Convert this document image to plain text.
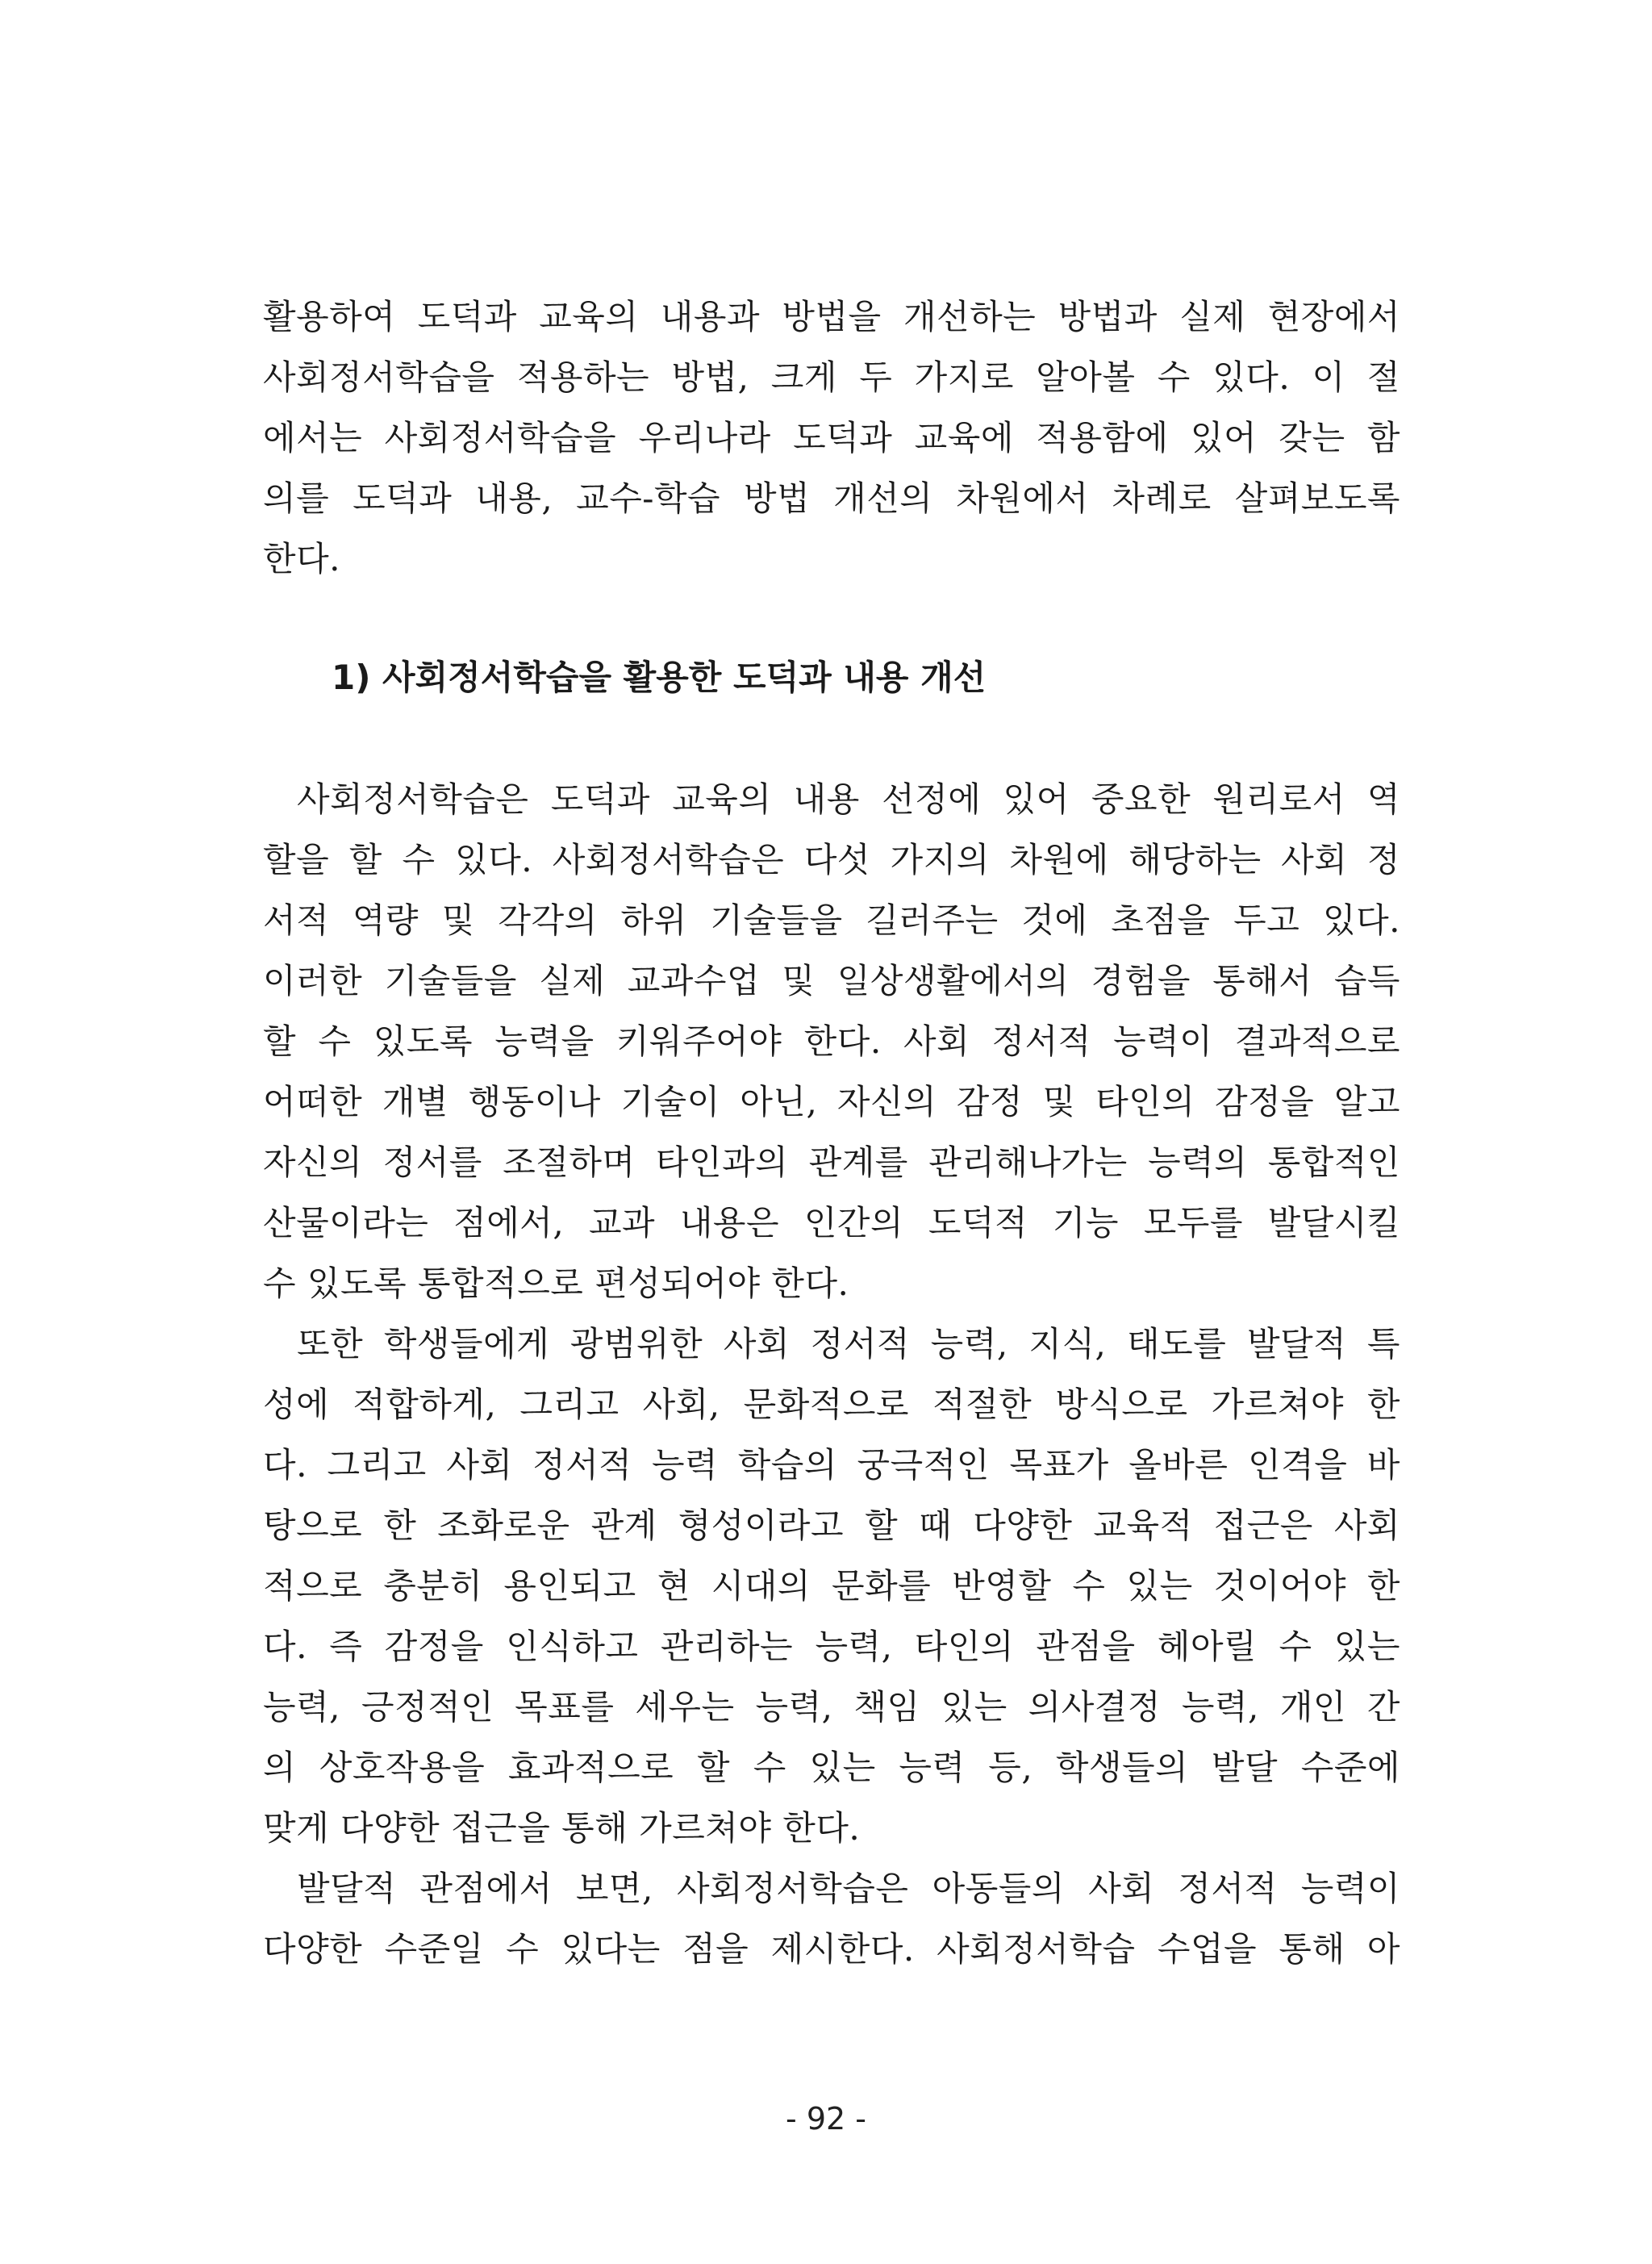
활용하여 도덕과 교육의 내용과 방법을 개선하는 방법과 실제 현장에서
사회정서학습을 적용하는 방법, 크게 두 가지로 알아볼 수 있다. 이 절
에서는 사회정서학습을 우리나라 도덕과 교육에 적용함에 있어 갖는 함
의를 도덕과 내용, 교수-학습 방법 개선의 차원에서 차례로 살펴보도록
한다.
1) 사회정서학습을 활용한 도덕과 내용 개선
사회정서학습은 도덕과 교육의 내용 선정에 있어 중요한 원리로서 역
할을 할 수 있다. 사회정서학습은 다섯 가지의 차원에 해당하는 사회 정
서적 역량 및 각각의 하위 기술들을 길러주는 것에 초점을 두고 있다.
이러한 기술들을 실제 교과수업 및 일상생활에서의 경험을 통해서 습득
할 수 있도록 능력을 키워주어야 한다. 사회 정서적 능력이 결과적으로
어떠한 개별 행동이나 기술이 아닌, 자신의 감정 및 타인의 감정을 알고
자신의 정서를 조절하며 타인과의 관계를 관리해나가는 능력의 통합적인
산물이라는 점에서, 교과 내용은 인간의 도덕적 기능 모두를 발달시킬
수 있도록 통합적으로 편성되어야 한다.
또한 학생들에게 광범위한 사회 정서적 능력, 지식, 태도를 발달적 특
성에 적합하게, 그리고 사회, 문화적으로 적절한 방식으로 가르쳐야 한
다. 그리고 사회 정서적 능력 학습의 궁극적인 목표가 올바른 인격을 바
탕으로 한 조화로운 관계 형성이라고 할 때 다양한 교육적 접근은 사회
적으로 충분히 용인되고 현 시대의 문화를 반영할 수 있는 것이어야 한
다. 즉 감정을 인식하고 관리하는 능력, 타인의 관점을 헤아릴 수 있는
능력, 긍정적인 목표를 세우는 능력, 책임 있는 의사결정 능력, 개인 간
의 상호작용을 효과적으로 할 수 있는 능력 등, 학생들의 발달 수준에
맞게 다양한 접근을 통해 가르쳐야 한다.
발달적 관점에서 보면, 사회정서학습은 아동들의 사회 정서적 능력이
다양한 수준일 수 있다는 점을 제시한다. 사회정서학습 수업을 통해 아
- 92 -
